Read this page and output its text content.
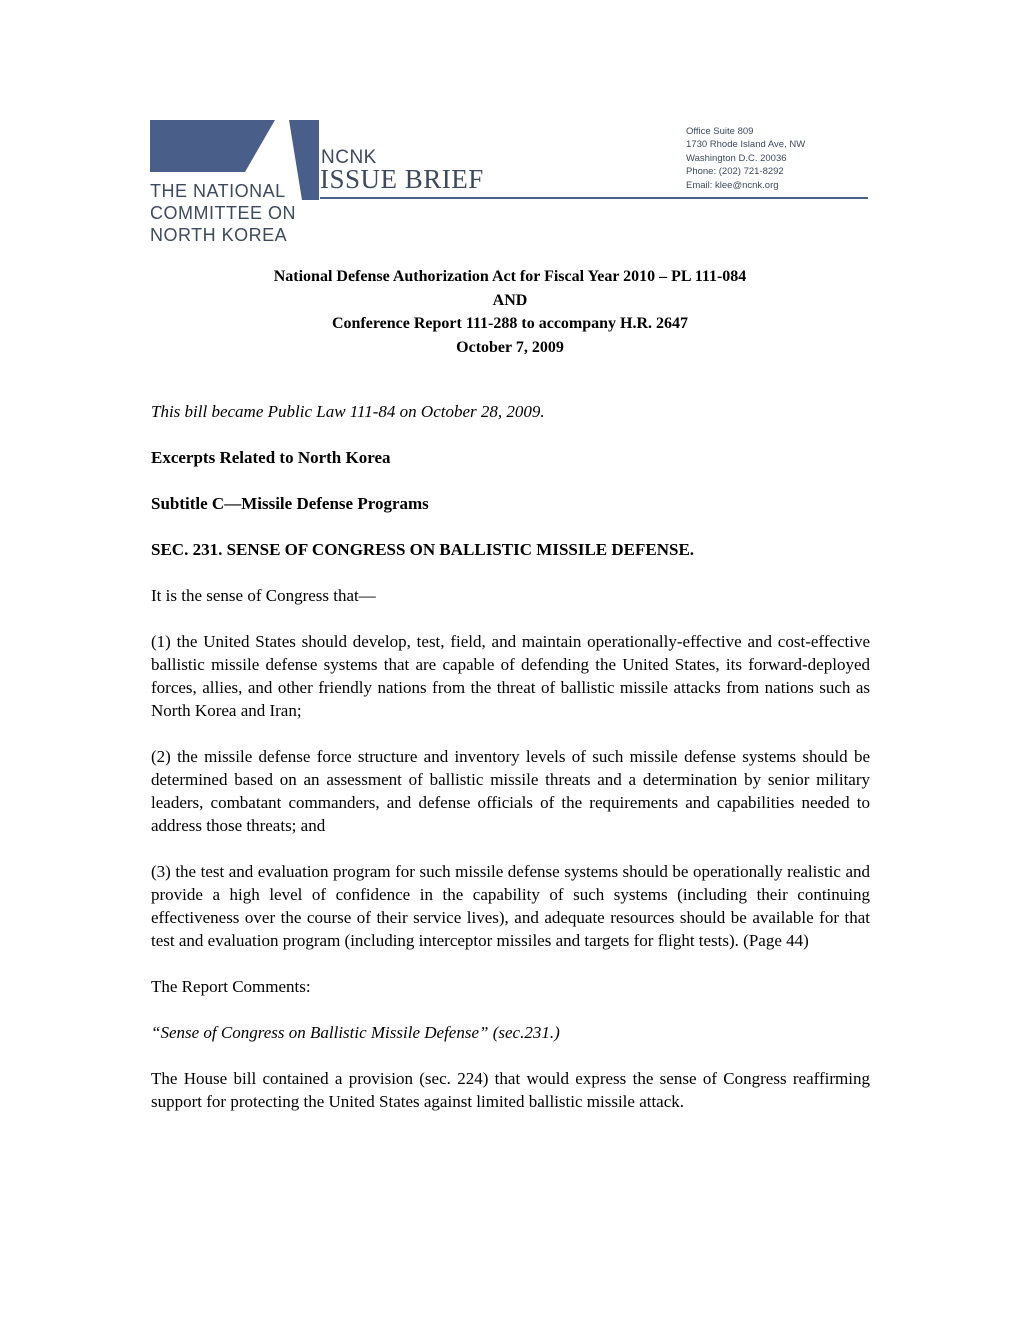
THE NATIONAL
COMMITTEE ON
NORTH KOREA
NCNK
ISSUE BRIEF
Office Suite 809
1730 Rhode Island Ave, NW
Washington D.C. 20036
Phone: (202) 721-8292
Email: klee@ncnk.org
National Defense Authorization Act for Fiscal Year 2010 – PL 111-084
AND
Conference Report 111-288 to accompany H.R. 2647
October 7, 2009

This bill became Public Law 111-84 on October 28, 2009.

Excerpts Related to North Korea

Subtitle C—Missile Defense Programs

SEC. 231. SENSE OF CONGRESS ON BALLISTIC MISSILE DEFENSE.

It is the sense of Congress that—

(1) the United States should develop, test, field, and maintain operationally-effective and cost-effective ballistic missile defense systems that are capable of defending the United States, its forward-deployed forces, allies, and other friendly nations from the threat of ballistic missile attacks from nations such as North Korea and Iran;

(2) the missile defense force structure and inventory levels of such missile defense systems should be determined based on an assessment of ballistic missile threats and a determination by senior military leaders, combatant commanders, and defense officials of the requirements and capabilities needed to address those threats; and

(3) the test and evaluation program for such missile defense systems should be operationally realistic and provide a high level of confidence in the capability of such systems (including their continuing effectiveness over the course of their service lives), and adequate resources should be available for that test and evaluation program (including interceptor missiles and targets for flight tests). (Page 44)

The Report Comments:

“Sense of Congress on Ballistic Missile Defense” (sec.231.)

The House bill contained a provision (sec. 224) that would express the sense of Congress reaffirming support for protecting the United States against limited ballistic missile attack.
